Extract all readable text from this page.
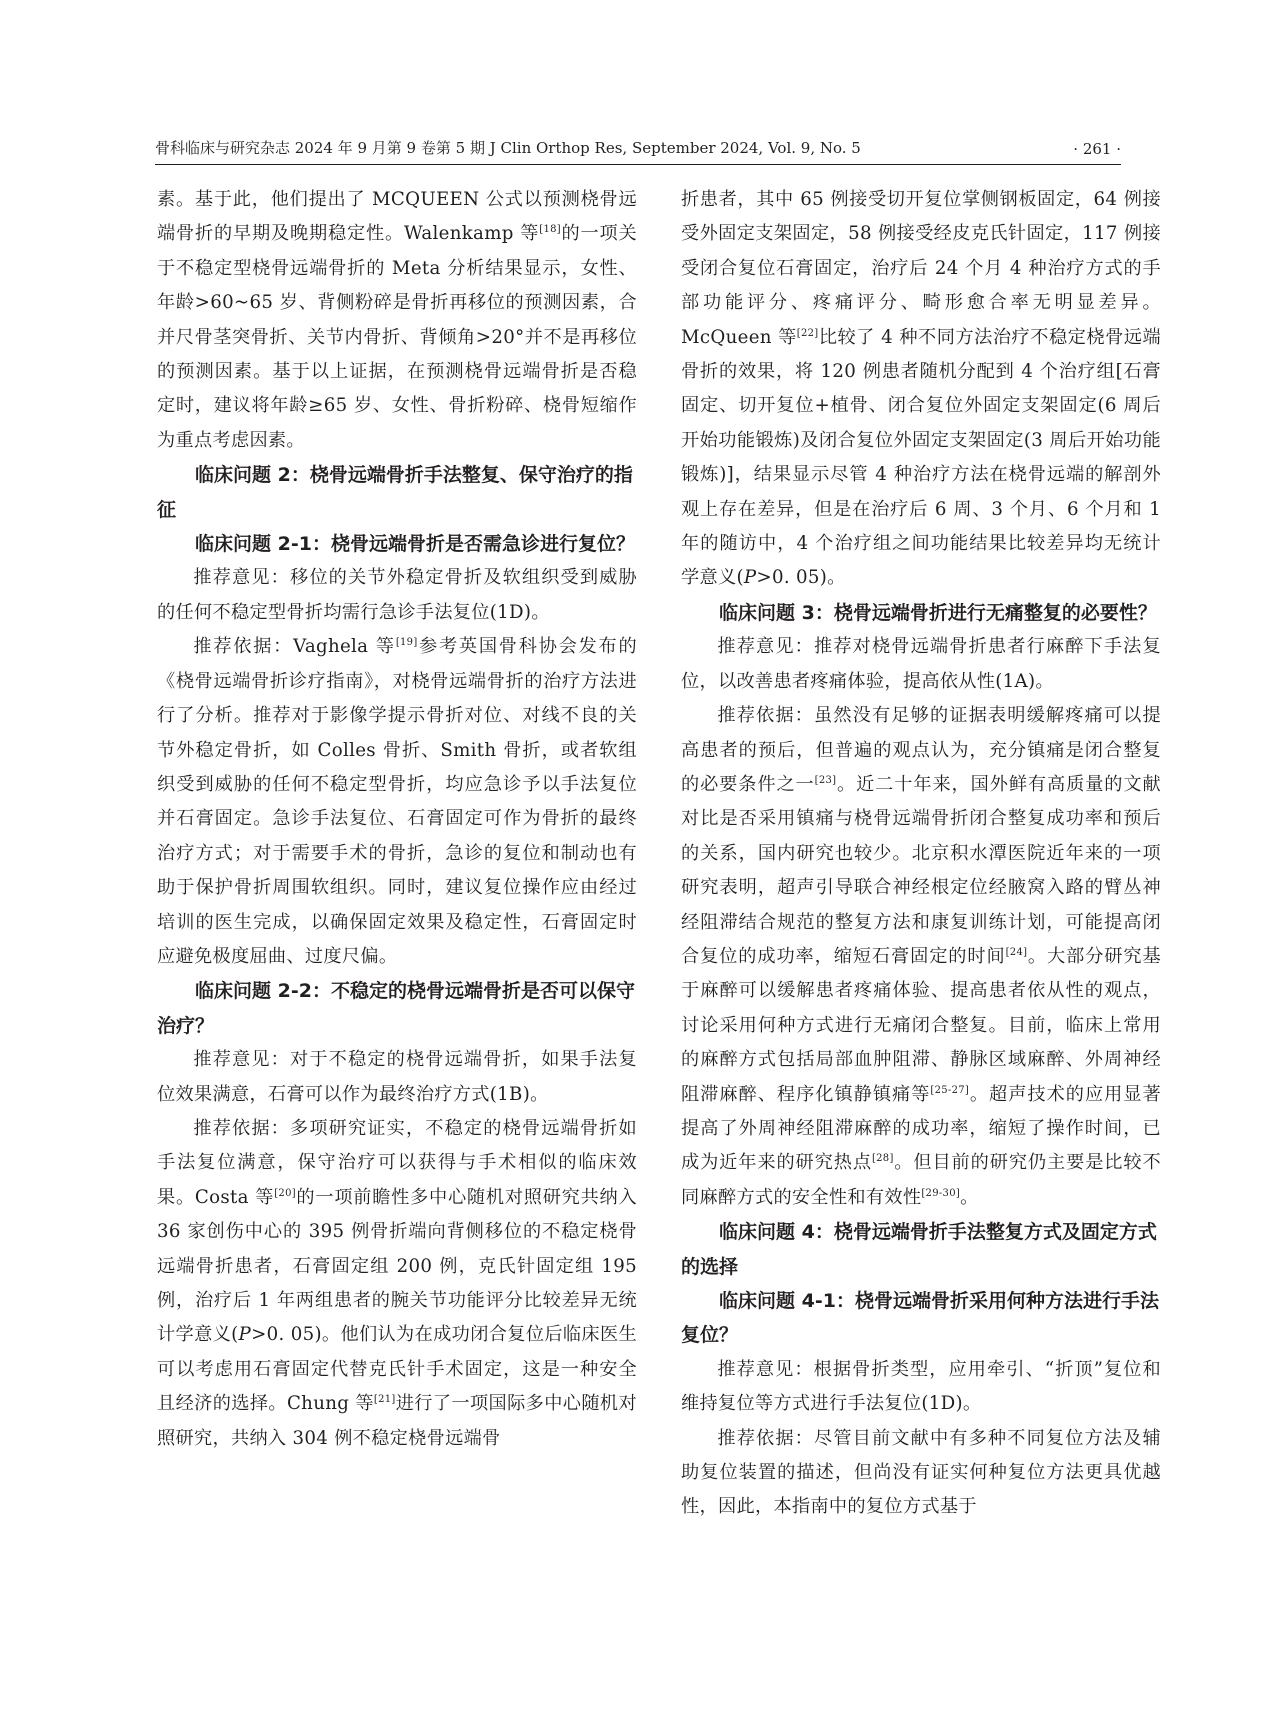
骨科临床与研究杂志 2024 年 9 月第 9 卷第 5 期 J Clin Orthop Res, September 2024, Vol. 9, No. 5	· 261 ·

素。基于此，他们提出了 MCQUEEN 公式以预测桡骨远端骨折的早期及晚期稳定性。Walenkamp 等[18]的一项关于不稳定型桡骨远端骨折的 Meta 分析结果显示，女性、年龄>60~65 岁、背侧粉碎是骨折再移位的预测因素，合并尺骨茎突骨折、关节内骨折、背倾角>20°并不是再移位的预测因素。基于以上证据，在预测桡骨远端骨折是否稳定时，建议将年龄≥65 岁、女性、骨折粉碎、桡骨短缩作为重点考虑因素。

临床问题 2：桡骨远端骨折手法整复、保守治疗的指征

临床问题 2-1：桡骨远端骨折是否需急诊进行复位？

推荐意见：移位的关节外稳定骨折及软组织受到威胁的任何不稳定型骨折均需行急诊手法复位(1D)。

推荐依据：Vaghela 等[19]参考英国骨科协会发布的《桡骨远端骨折诊疗指南》，对桡骨远端骨折的治疗方法进行了分析。推荐对于影像学提示骨折对位、对线不良的关节外稳定骨折，如 Colles 骨折、Smith 骨折，或者软组织受到威胁的任何不稳定型骨折，均应急诊予以手法复位并石膏固定。急诊手法复位、石膏固定可作为骨折的最终治疗方式；对于需要手术的骨折，急诊的复位和制动也有助于保护骨折周围软组织。同时，建议复位操作应由经过培训的医生完成，以确保固定效果及稳定性，石膏固定时应避免极度屈曲、过度尺偏。

临床问题 2-2：不稳定的桡骨远端骨折是否可以保守治疗？

推荐意见：对于不稳定的桡骨远端骨折，如果手法复位效果满意，石膏可以作为最终治疗方式(1B)。

推荐依据：多项研究证实，不稳定的桡骨远端骨折如手法复位满意，保守治疗可以获得与手术相似的临床效果。Costa 等[20]的一项前瞻性多中心随机对照研究共纳入 36 家创伤中心的 395 例骨折端向背侧移位的不稳定桡骨远端骨折患者，石膏固定组 200 例，克氏针固定组 195 例，治疗后 1 年两组患者的腕关节功能评分比较差异无统计学意义(P>0. 05)。他们认为在成功闭合复位后临床医生可以考虑用石膏固定代替克氏针手术固定，这是一种安全且经济的选择。Chung 等[21]进行了一项国际多中心随机对照研究，共纳入 304 例不稳定桡骨远端骨

折患者，其中 65 例接受切开复位掌侧钢板固定，64 例接受外固定支架固定，58 例接受经皮克氏针固定，117 例接受闭合复位石膏固定，治疗后 24 个月 4 种治疗方式的手部功能评分、疼痛评分、畸形愈合率无明显差异。McQueen 等[22]比较了 4 种不同方法治疗不稳定桡骨远端骨折的效果，将 120 例患者随机分配到 4 个治疗组[石膏固定、切开复位+植骨、闭合复位外固定支架固定(6 周后开始功能锻炼)及闭合复位外固定支架固定(3 周后开始功能锻炼)]，结果显示尽管 4 种治疗方法在桡骨远端的解剖外观上存在差异，但是在治疗后 6 周、3 个月、6 个月和 1 年的随访中，4 个治疗组之间功能结果比较差异均无统计学意义(P>0. 05)。

临床问题 3：桡骨远端骨折进行无痛整复的必要性？

推荐意见：推荐对桡骨远端骨折患者行麻醉下手法复位，以改善患者疼痛体验，提高依从性(1A)。

推荐依据：虽然没有足够的证据表明缓解疼痛可以提高患者的预后，但普遍的观点认为，充分镇痛是闭合整复的必要条件之一[23]。近二十年来，国外鲜有高质量的文献对比是否采用镇痛与桡骨远端骨折闭合整复成功率和预后的关系，国内研究也较少。北京积水潭医院近年来的一项研究表明，超声引导联合神经根定位经腋窝入路的臂丛神经阻滞结合规范的整复方法和康复训练计划，可能提高闭合复位的成功率，缩短石膏固定的时间[24]。大部分研究基于麻醉可以缓解患者疼痛体验、提高患者依从性的观点，讨论采用何种方式进行无痛闭合整复。目前，临床上常用的麻醉方式包括局部血肿阻滞、静脉区域麻醉、外周神经阻滞麻醉、程序化镇静镇痛等[25-27]。超声技术的应用显著提高了外周神经阻滞麻醉的成功率，缩短了操作时间，已成为近年来的研究热点[28]。但目前的研究仍主要是比较不同麻醉方式的安全性和有效性[29-30]。

临床问题 4：桡骨远端骨折手法整复方式及固定方式的选择

临床问题 4-1：桡骨远端骨折采用何种方法进行手法复位？

推荐意见：根据骨折类型，应用牵引、“折顶”复位和维持复位等方式进行手法复位(1D)。

推荐依据：尽管目前文献中有多种不同复位方法及辅助复位装置的描述，但尚没有证实何种复位方法更具优越性，因此，本指南中的复位方式基于
